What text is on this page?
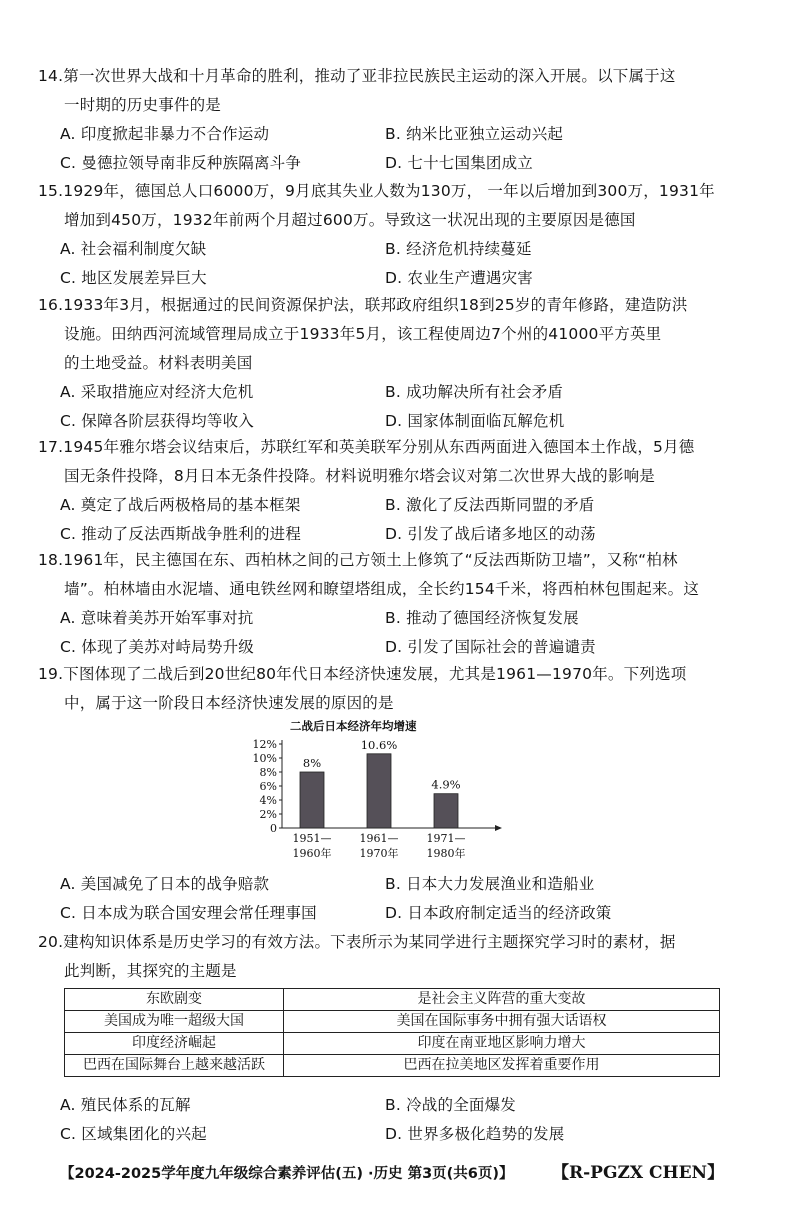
14.第一次世界大战和十月革命的胜利，推动了亚非拉民族民主运动的深入开展。以下属于这
一时期的历史事件的是
A. 印度掀起非暴力不合作运动	B. 纳米比亚独立运动兴起
C. 曼德拉领导南非反种族隔离斗争	D. 七十七国集团成立
15.1929年，德国总人口6000万，9月底其失业人数为130万， 一年以后增加到300万，1931年
增加到450万，1932年前两个月超过600万。导致这一状况出现的主要原因是德国
A. 社会福利制度欠缺	B. 经济危机持续蔓延
C. 地区发展差异巨大	D. 农业生产遭遇灾害
16.1933年3月，根据通过的民间资源保护法，联邦政府组织18到25岁的青年修路，建造防洪
设施。田纳西河流域管理局成立于1933年5月，该工程使周边7个州的41000平方英里
的土地受益。材料表明美国
A. 采取措施应对经济大危机	B. 成功解决所有社会矛盾
C. 保障各阶层获得均等收入	D. 国家体制面临瓦解危机
17.1945年雅尔塔会议结束后，苏联红军和英美联军分别从东西两面进入德国本土作战，5月德
国无条件投降，8月日本无条件投降。材料说明雅尔塔会议对第二次世界大战的影响是
A. 奠定了战后两极格局的基本框架	B. 激化了反法西斯同盟的矛盾
C. 推动了反法西斯战争胜利的进程	D. 引发了战后诸多地区的动荡
18.1961年，民主德国在东、西柏林之间的己方领土上修筑了“反法西斯防卫墙”，又称“柏林
墙”。柏林墙由水泥墙、通电铁丝网和瞭望塔组成，全长约154千米，将西柏林包围起来。这
A. 意味着美苏开始军事对抗	B. 推动了德国经济恢复发展
C. 体现了美苏对峙局势升级	D. 引发了国际社会的普遍谴责
19.下图体现了二战后到20世纪80年代日本经济快速发展，尤其是1961—1970年。下列选项
中，属于这一阶段日本经济快速发展的原因的是
二战后日本经济年均增速
0
2%
4%
6%
8%
10%
12%
8%
1951—
1960年
10.6%
1961—
1970年
4.9%
1971—
1980年
A. 美国减免了日本的战争赔款	B. 日本大力发展渔业和造船业
C. 日本成为联合国安理会常任理事国	D. 日本政府制定适当的经济政策
20.建构知识体系是历史学习的有效方法。下表所示为某同学进行主题探究学习时的素材，据
此判断，其探究的主题是
东欧剧变	是社会主义阵营的重大变故
美国成为唯一超级大国	美国在国际事务中拥有强大话语权
印度经济崛起	印度在南亚地区影响力增大
巴西在国际舞台上越来越活跃	巴西在拉美地区发挥着重要作用
A. 殖民体系的瓦解	B. 冷战的全面爆发
C. 区域集团化的兴起	D. 世界多极化趋势的发展
【2024-2025学年度九年级综合素养评估(五) ·历史 第3页(共6页)】 【R-PGZX CHEN】
